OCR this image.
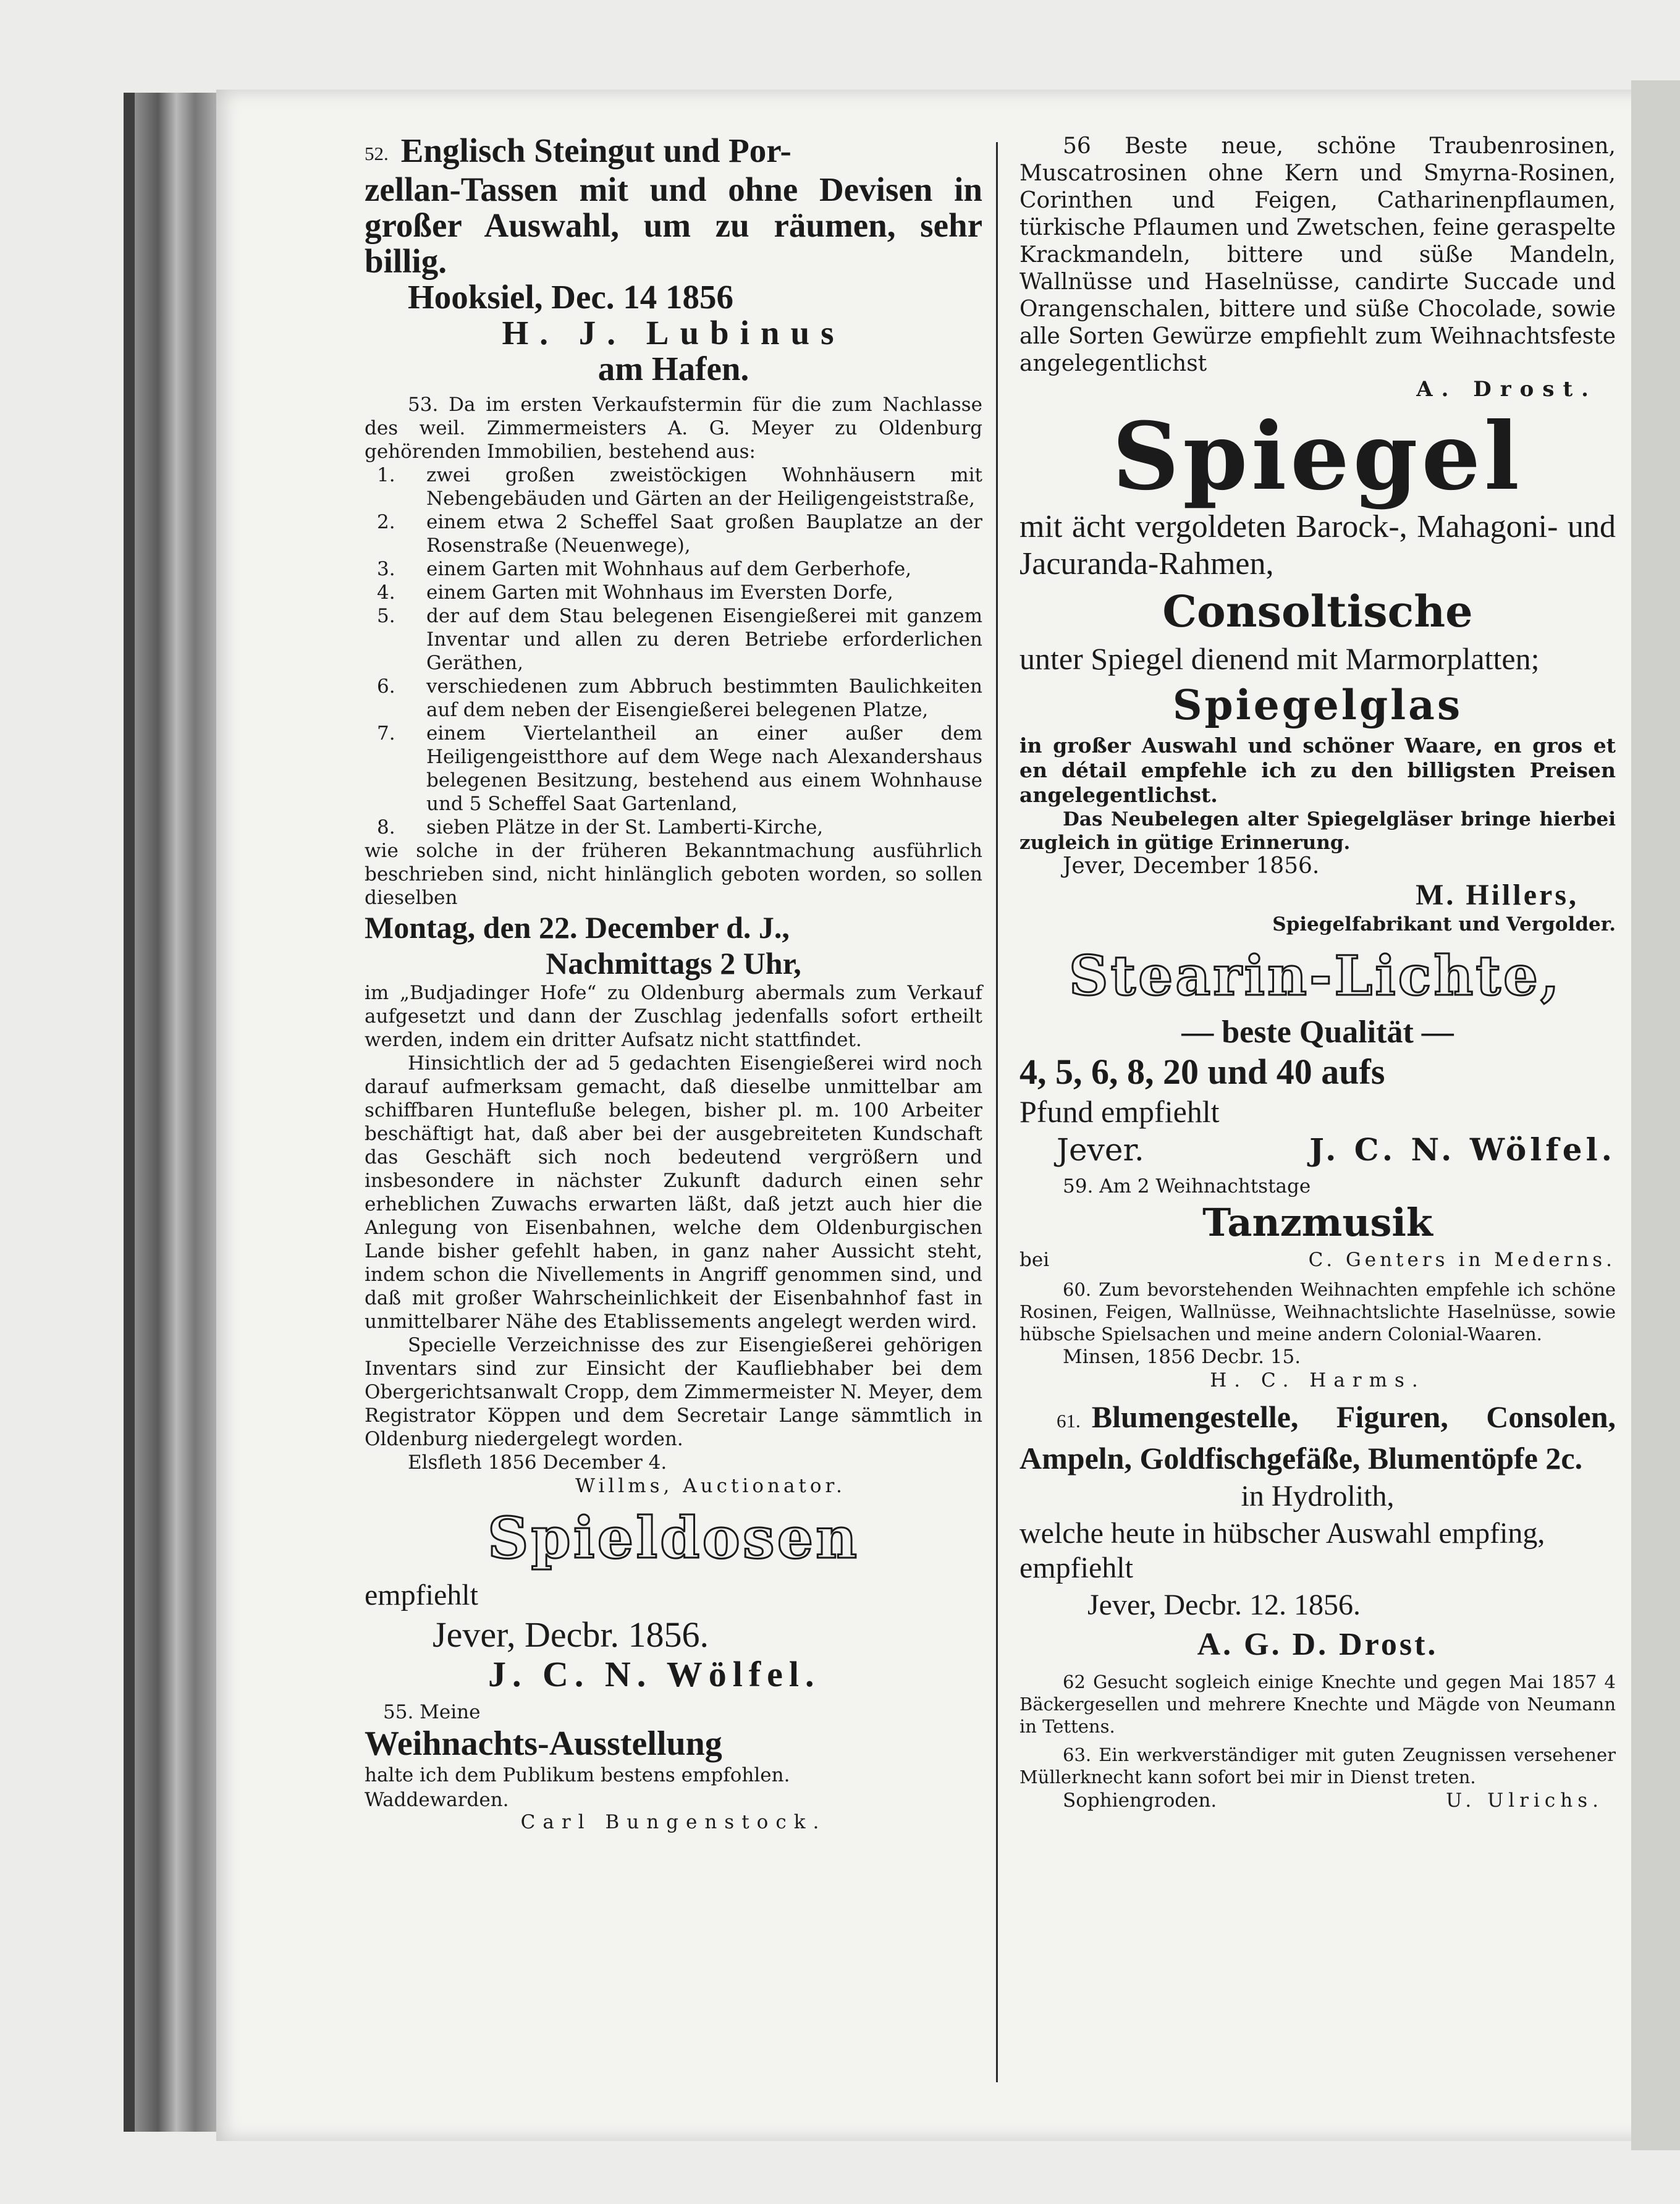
52. Englisch Steingut und Por-

zellan-Tassen mit und ohne Devisen in großer Auswahl, um zu räumen, sehr billig.

Hooksiel, Dec. 14 1856

H. J. Lubinus

am Hafen.

53. Da im ersten Verkaufstermin für die zum Nachlasse des weil. Zimmermeisters A. G. Meyer zu Oldenburg gehörenden Immobilien, bestehend aus:

1. zwei großen zweistöckigen Wohnhäusern mit Nebengebäuden und Gärten an der Heiligengeiststraße,
2. einem etwa 2 Scheffel Saat großen Bauplatze an der Rosenstraße (Neuenwege),
3. einem Garten mit Wohnhaus auf dem Gerberhofe,
4. einem Garten mit Wohnhaus im Eversten Dorfe,
5. der auf dem Stau belegenen Eisengießerei mit ganzem Inventar und allen zu deren Betriebe erforderlichen Geräthen,
6. verschiedenen zum Abbruch bestimmten Baulichkeiten auf dem neben der Eisengießerei belegenen Platze,
7. einem Viertelantheil an einer außer dem Heiligengeistthore auf dem Wege nach Alexandershaus belegenen Besitzung, bestehend aus einem Wohnhause und 5 Scheffel Saat Gartenland,
8. sieben Plätze in der St. Lamberti-Kirche,

wie solche in der früheren Bekanntmachung ausführlich beschrieben sind, nicht hinlänglich geboten worden, so sollen dieselben

Montag, den 22. December d. J.,

Nachmittags 2 Uhr,

im „Budjadinger Hofe“ zu Oldenburg abermals zum Verkauf aufgesetzt und dann der Zuschlag jedenfalls sofort ertheilt werden, indem ein dritter Aufsatz nicht stattfindet.

Hinsichtlich der ad 5 gedachten Eisengießerei wird noch darauf aufmerksam gemacht, daß dieselbe unmittelbar am schiffbaren Huntefluße belegen, bisher pl. m. 100 Arbeiter beschäftigt hat, daß aber bei der ausgebreiteten Kundschaft das Geschäft sich noch bedeutend vergrößern und insbesondere in nächster Zukunft dadurch einen sehr erheblichen Zuwachs erwarten läßt, daß jetzt auch hier die Anlegung von Eisenbahnen, welche dem Oldenburgischen Lande bisher gefehlt haben, in ganz naher Aussicht steht, indem schon die Nivellements in Angriff genommen sind, und daß mit großer Wahrscheinlichkeit der Eisenbahnhof fast in unmittelbarer Nähe des Etablissements angelegt werden wird.

Specielle Verzeichnisse des zur Eisengießerei gehörigen Inventars sind zur Einsicht der Kaufliebhaber bei dem Obergerichtsanwalt Cropp, dem Zimmermeister N. Meyer, dem Registrator Köppen und dem Secretair Lange sämmtlich in Oldenburg niedergelegt worden.

Elsfleth 1856 December 4.

Willms, Auctionator.

Spieldosen

empfiehlt

Jever, Decbr. 1856.

J. C. N. Wölfel.

55. Meine

Weihnachts-Ausstellung

halte ich dem Publikum bestens empfohlen.

Waddewarden.

Carl Bungenstock.

56 Beste neue, schöne Traubenrosinen, Muscatrosinen ohne Kern und Smyrna-Rosinen, Corinthen und Feigen, Catharinenpflaumen, türkische Pflaumen und Zwetschen, feine geraspelte Krackmandeln, bittere und süße Mandeln, Wallnüsse und Haselnüsse, candirte Succade und Orangenschalen, bittere und süße Chocolade, sowie alle Sorten Gewürze empfiehlt zum Weihnachtsfeste angelegentlichst

A. Drost.

Spiegel

mit ächt vergoldeten Barock-, Mahagoni- und Jacuranda-Rahmen,

Consoltische

unter Spiegel dienend mit Marmorplatten;

Spiegelglas

in großer Auswahl und schöner Waare, en gros et en détail empfehle ich zu den billigsten Preisen angelegentlichst.

Das Neubelegen alter Spiegelgläser bringe hierbei zugleich in gütige Erinnerung.

Jever, December 1856.

M. Hillers,

Spiegelfabrikant und Vergolder.

Stearin-Lichte,

— beste Qualität —

4, 5, 6, 8, 20 und 40 aufs

Pfund empfiehlt

Jever.	J. C. N. Wölfel.

59. Am 2 Weihnachtstage

Tanzmusik
bei	C. Genters in Mederns.

60. Zum bevorstehenden Weihnachten empfehle ich schöne Rosinen, Feigen, Wallnüsse, Weihnachtslichte Haselnüsse, sowie hübsche Spielsachen und meine andern Colonial-Waaren.

Minsen, 1856 Decbr. 15.

H. C. Harms.

61. Blumengestelle, Figuren, Consolen, Ampeln, Goldfischgefäße, Blumentöpfe 2c.

in Hydrolith,

welche heute in hübscher Auswahl empfing, empfiehlt

Jever, Decbr. 12. 1856.

A. G. D. Drost.

62 Gesucht sogleich einige Knechte und gegen Mai 1857 4 Bäckergesellen und mehrere Knechte und Mägde von Neumann in Tettens.

63. Ein werkverständiger mit guten Zeugnissen versehener Müllerknecht kann sofort bei mir in Dienst treten.

Sophiengroden.	U. Ulrichs.
